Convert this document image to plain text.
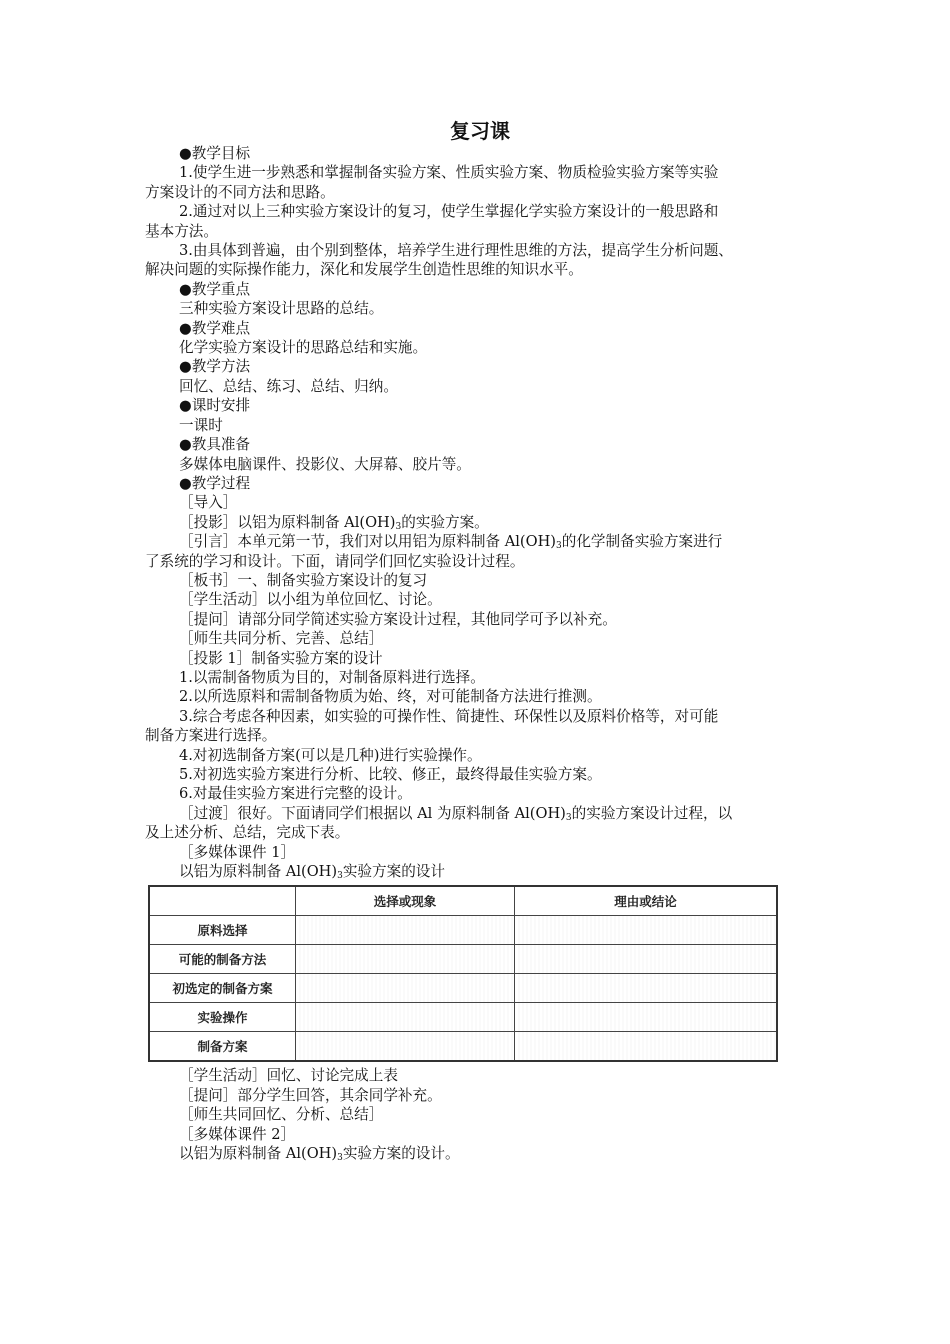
复习课

●教学目标

1.使学生进一步熟悉和掌握制备实验方案、性质实验方案、物质检验实验方案等实验

方案设计的不同方法和思路。

2.通过对以上三种实验方案设计的复习，使学生掌握化学实验方案设计的一般思路和

基本方法。

3.由具体到普遍，由个别到整体，培养学生进行理性思维的方法，提高学生分析问题、

解决问题的实际操作能力，深化和发展学生创造性思维的知识水平。

●教学重点

三种实验方案设计思路的总结。

●教学难点

化学实验方案设计的思路总结和实施。

●教学方法

回忆、总结、练习、总结、归纳。

●课时安排

一课时

●教具准备

多媒体电脑课件、投影仪、大屏幕、胶片等。

●教学过程

［导入］

［投影］以铝为原料制备 $Al(OH)_3$的实验方案。

［引言］本单元第一节，我们对以用铝为原料制备 $Al(OH)_3$的化学制备实验方案进行

了系统的学习和设计。下面，请同学们回忆实验设计过程。

［板书］一、制备实验方案设计的复习

［学生活动］以小组为单位回忆、讨论。

［提问］请部分同学简述实验方案设计过程，其他同学可予以补充。

［师生共同分析、完善、总结］

［投影 1］制备实验方案的设计

1.以需制备物质为目的，对制备原料进行选择。

2.以所选原料和需制备物质为始、终，对可能制备方法进行推测。

3.综合考虑各种因素，如实验的可操作性、简捷性、环保性以及原料价格等，对可能

制备方案进行选择。

4.对初选制备方案(可以是几种)进行实验操作。

5.对初选实验方案进行分析、比较、修正，最终得最佳实验方案。

6.对最佳实验方案进行完整的设计。

［过渡］很好。下面请同学们根据以 Al 为原料制备 $Al(OH)_3$的实验方案设计过程，以

及上述分析、总结，完成下表。

［多媒体课件 1］

以铝为原料制备 $Al(OH)_3$实验方案的设计

	选择或现象	理由或结论
原料选择		
可能的制备方法		
初选定的制备方案		
实验操作		
制备方案		

［学生活动］回忆、讨论完成上表

［提问］部分学生回答，其余同学补充。

［师生共同回忆、分析、总结］

［多媒体课件 2］

以铝为原料制备 $Al(OH)_3$实验方案的设计。
